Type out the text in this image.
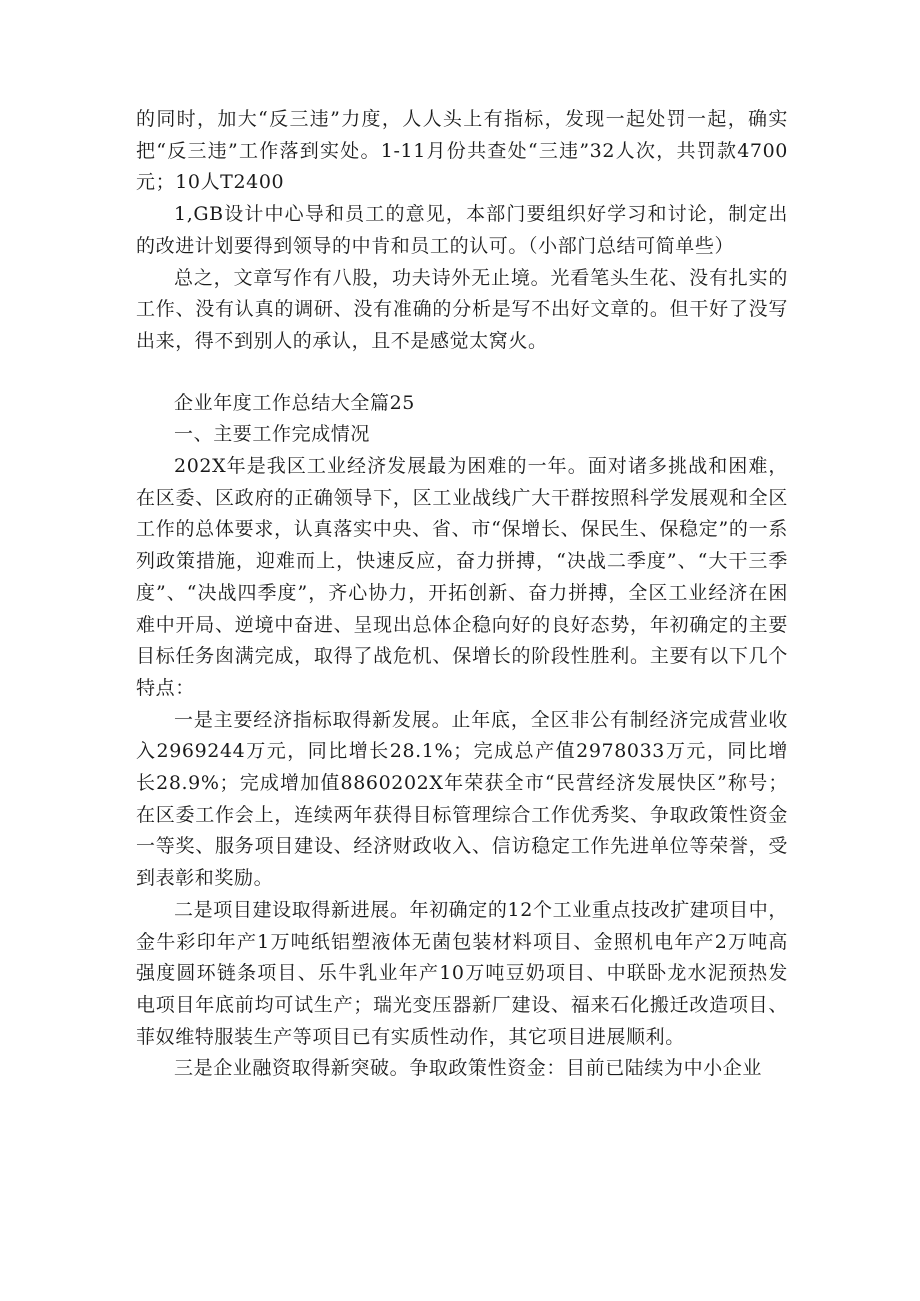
的同时，加大“反三违”力度，人人头上有指标，发现一起处罚一起，确实把“反三违”工作落到实处。1-11月份共查处“三违”32人次，共罚款4700元；10人T2400

1,GB设计中心导和员工的意见，本部门要组织好学习和讨论，制定出的改进计划要得到领导的中肯和员工的认可。（小部门总结可简单些）

总之，文章写作有八股，功夫诗外无止境。光看笔头生花、没有扎实的工作、没有认真的调研、没有准确的分析是写不出好文章的。但干好了没写出来，得不到别人的承认，且不是感觉太窝火。

企业年度工作总结大全篇25

一、主要工作完成情况

202X年是我区工业经济发展最为困难的一年。面对诸多挑战和困难，在区委、区政府的正确领导下，区工业战线广大干群按照科学发展观和全区工作的总体要求，认真落实中央、省、市“保增长、保民生、保稳定”的一系列政策措施，迎难而上，快速反应，奋力拼搏，“决战二季度”、“大干三季度”、“决战四季度”，齐心协力，开拓创新、奋力拼搏，全区工业经济在困难中开局、逆境中奋进、呈现出总体企稳向好的良好态势，年初确定的主要目标任务囱满完成，取得了战危机、保增长的阶段性胜利。主要有以下几个特点：

一是主要经济指标取得新发展。止年底，全区非公有制经济完成营业收入2969244万元，同比增长28.1%；完成总产值2978033万元，同比增长28.9%；完成增加值8860202X年荣获全市“民营经济发展快区”称号；在区委工作会上，连续两年获得目标管理综合工作优秀奖、争取政策性资金一等奖、服务项目建设、经济财政收入、信访稳定工作先进单位等荣誉，受到表彰和奖励。

二是项目建设取得新进展。年初确定的12个工业重点技改扩建项目中，金牛彩印年产1万吨纸铝塑液体无菌包装材料项目、金照机电年产2万吨高强度圆环链条项目、乐牛乳业年产10万吨豆奶项目、中联卧龙水泥预热发电项目年底前均可试生产；瑞光变压器新厂建设、福来石化搬迁改造项目、菲奴维特服装生产等项目已有实质性动作，其它项目进展顺利。

三是企业融资取得新突破。争取政策性资金：目前已陆续为中小企业
